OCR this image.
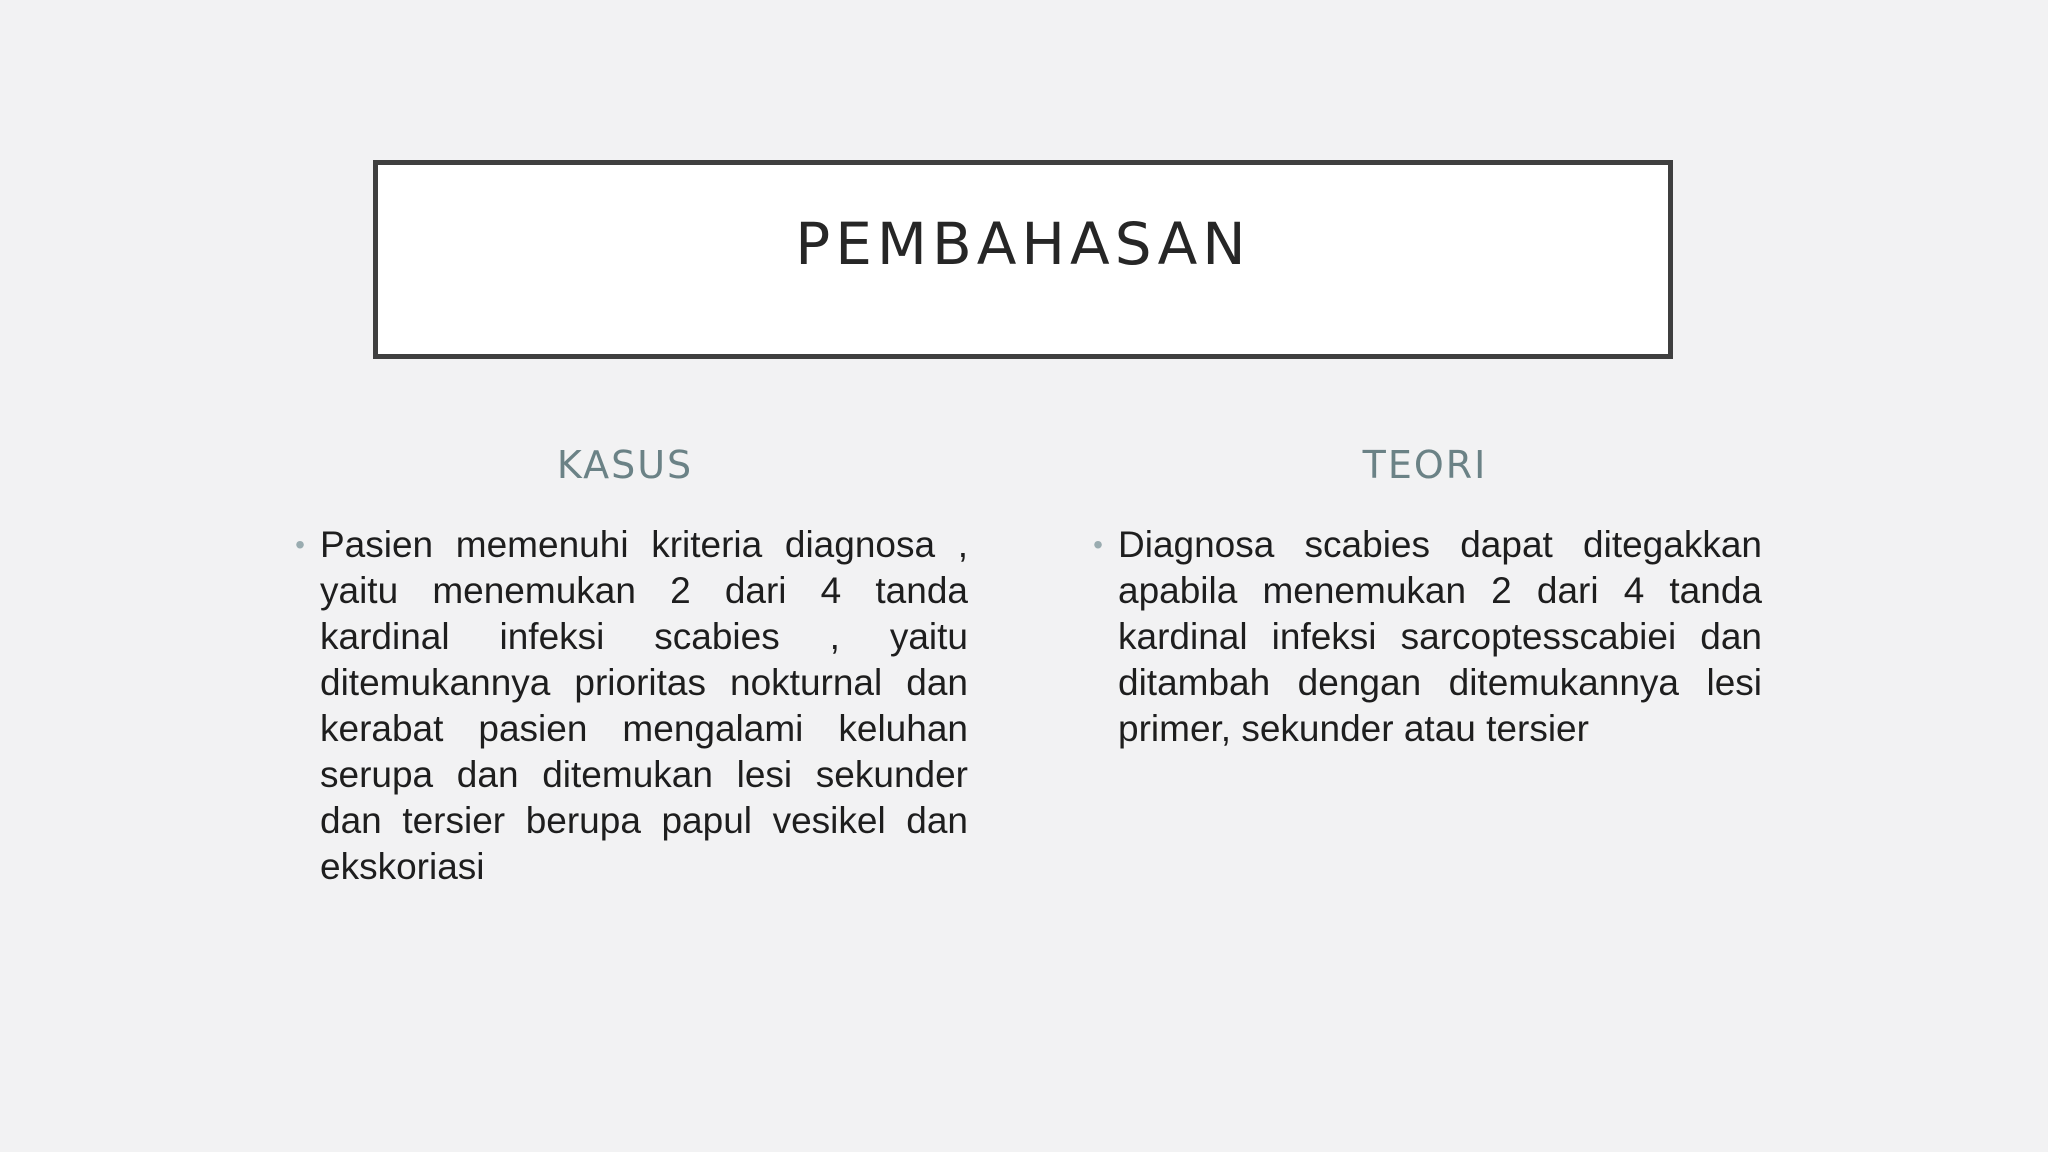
PEMBAHASAN
KASUS	TEORI
• Pasien memenuhi kriteria diagnosa , yaitu menemukan 2 dari 4 tanda kardinal infeksi scabies , yaitu ditemukannya prioritas nokturnal dan kerabat pasien mengalami keluhan serupa dan ditemukan lesi sekunder dan tersier berupa papul vesikel dan ekskoriasi
• Diagnosa scabies dapat ditegakkan apabila menemukan 2 dari 4 tanda kardinal infeksi sarcoptesscabiei dan ditambah dengan ditemukannya lesi primer, sekunder atau tersier
